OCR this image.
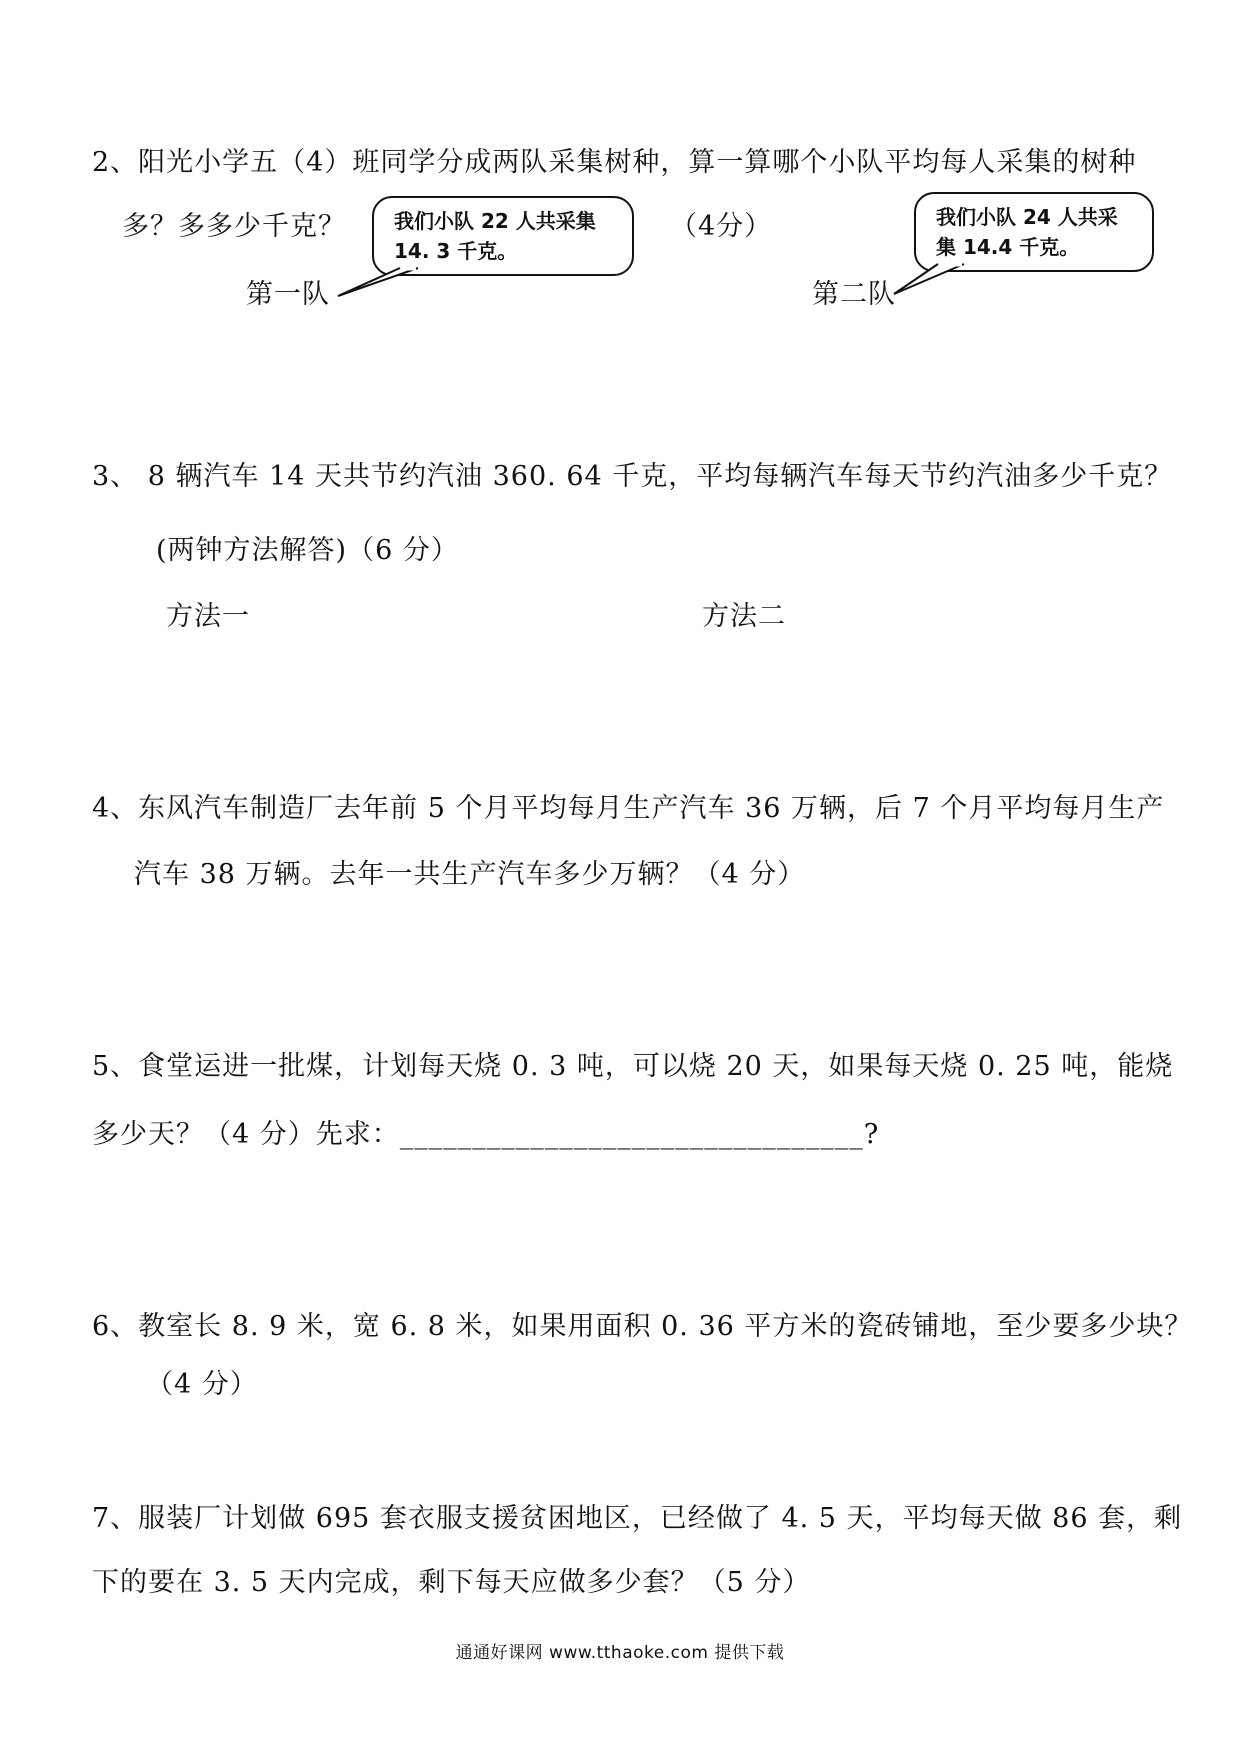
2、阳光小学五（4）班同学分成两队采集树种，算一算哪个小队平均每人采集的树种
多？多多少千克？	（4分）
我们小队 22 人共采集
14. 3 千克。
第一队
我们小队 24 人共采
集 14.4 千克。
第二队
3、 8 辆汽车 14 天共节约汽油 360. 64 千克，平均每辆汽车每天节约汽油多少千克？
(两钟方法解答)（6 分）
方法一	方法二
4、东风汽车制造厂去年前 5 个月平均每月生产汽车 36 万辆，后 7 个月平均每月生产
汽车 38 万辆。去年一共生产汽车多少万辆？（4 分）
5、食堂运进一批煤，计划每天烧 0. 3 吨，可以烧 20 天，如果每天烧 0. 25 吨，能烧
多少天？（4 分）先求：________________________________?
6、教室长 8. 9 米，宽 6. 8 米，如果用面积 0. 36 平方米的瓷砖铺地，至少要多少块？
（4 分）
7、服装厂计划做 695 套衣服支援贫困地区，已经做了 4. 5 天，平均每天做 86 套，剩
下的要在 3. 5 天内完成，剩下每天应做多少套？（5 分）
通通好课网 www.tthaoke.com 提供下载
